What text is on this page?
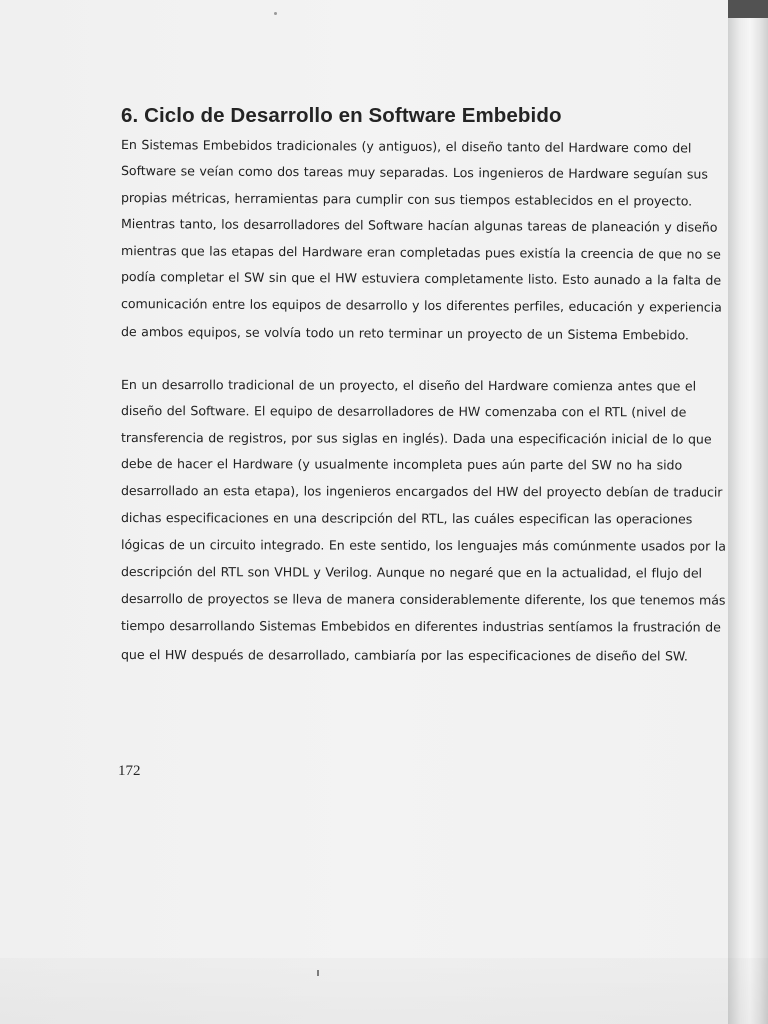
6. Ciclo de Desarrollo en Software Embebido

En Sistemas Embebidos tradicionales (y antiguos), el diseño tanto del Hardware como del

Software se veían como dos tareas muy separadas. Los ingenieros de Hardware seguían sus

propias métricas, herramientas para cumplir con sus tiempos establecidos en el proyecto.

Mientras tanto, los desarrolladores del Software hacían algunas tareas de planeación y diseño

mientras que las etapas del Hardware eran completadas pues existía la creencia de que no se

podía completar el SW sin que el HW estuviera completamente listo. Esto aunado a la falta de

comunicación entre los equipos de desarrollo y los diferentes perfiles, educación y experiencia

de ambos equipos, se volvía todo un reto terminar un proyecto de un Sistema Embebido.

En un desarrollo tradicional de un proyecto, el diseño del Hardware comienza antes que el

diseño del Software. El equipo de desarrolladores de HW comenzaba con el RTL (nivel de

transferencia de registros, por sus siglas en inglés). Dada una especificación inicial de lo que

debe de hacer el Hardware (y usualmente incompleta pues aún parte del SW no ha sido

desarrollado an esta etapa), los ingenieros encargados del HW del proyecto debían de traducir

dichas especificaciones en una descripción del RTL, las cuáles especifican las operaciones

lógicas de un circuito integrado. En este sentido, los lenguajes más comúnmente usados por la

descripción del RTL son VHDL y Verilog. Aunque no negaré que en la actualidad, el flujo del

desarrollo de proyectos se lleva de manera considerablemente diferente, los que tenemos más

tiempo desarrollando Sistemas Embebidos en diferentes industrias sentíamos la frustración de

que el HW después de desarrollado, cambiaría por las especificaciones de diseño del SW.

172
